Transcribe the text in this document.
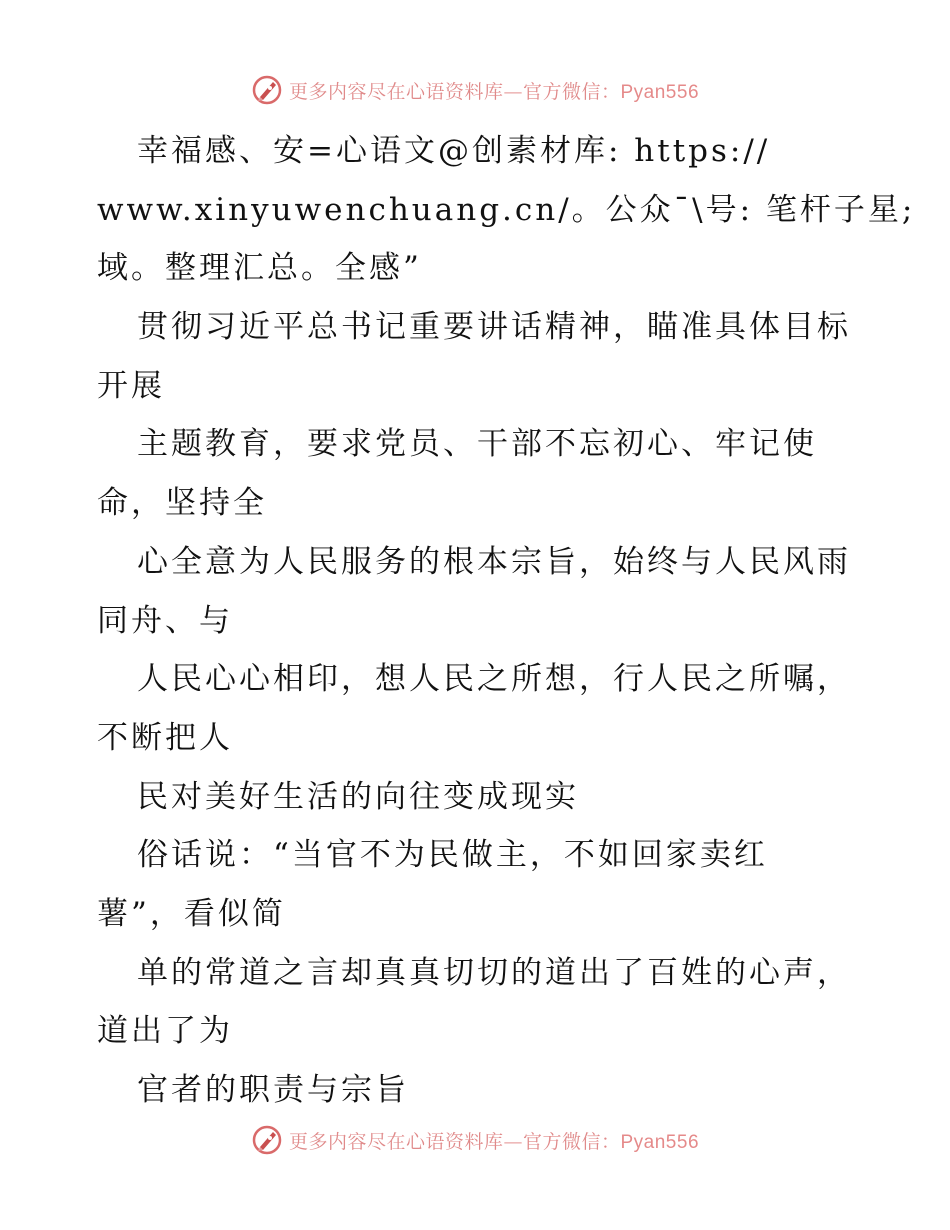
更多内容尽在心语资料库—官方微信：Pyan556
幸福感、安=心语文@创素材库: https://
www.xinyuwenchuang.cn/。公众¯\号: 笔杆子星;
域。整理汇总。全感”
贯彻习近平总书记重要讲话精神，瞄准具体目标
开展
主题教育，要求党员、干部不忘初心、牢记使
命，坚持全
心全意为人民服务的根本宗旨，始终与人民风雨
同舟、与
人民心心相印，想人民之所想，行人民之所嘱，
不断把人
民对美好生活的向往变成现实
俗话说：“当官不为民做主，不如回家卖红
薯”，看似简
单的常道之言却真真切切的道出了百姓的心声，
道出了为
官者的职责与宗旨
更多内容尽在心语资料库—官方微信：Pyan556
